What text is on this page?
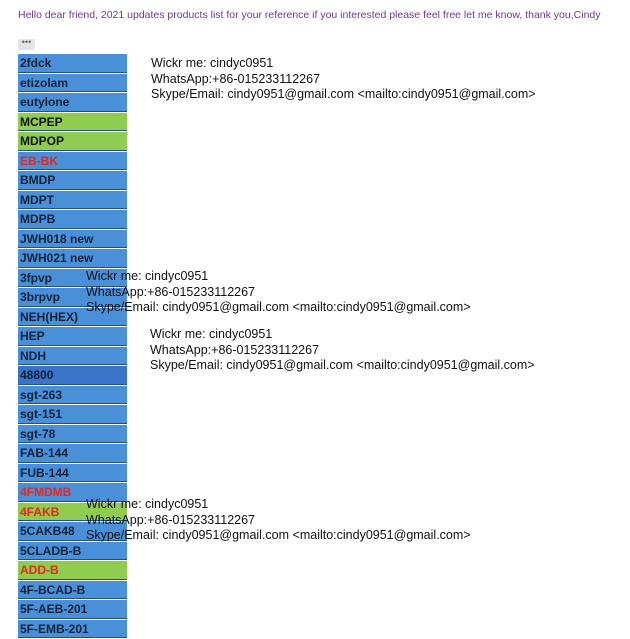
Hello dear friend, 2021 updates products list for your reference if you interested please feel free let me know, thank you,Cindy
•••
2fdck
etizolam
eutylone
MCPEP
MDPOP
EB-BK
BMDP
MDPT
MDPB
JWH018 new
JWH021 new
3fpvp
3brpvp
NEH(HEX)
HEP
NDH
48800
sgt-263
sgt-151
sgt-78
FAB-144
FUB-144
4FMDMB
4FAKB
5CAKB48
5CLADB-B
ADD-B
4F-BCAD-B
5F-AEB-201
5F-EMB-201
Wickr me: cindyc0951
WhatsApp:+86-015233112267
Skype/Email: cindy0951@gmail.com <mailto:cindy0951@gmail.com>
Wickr me: cindyc0951
WhatsApp:+86-015233112267
Skype/Email: cindy0951@gmail.com <mailto:cindy0951@gmail.com>
Wickr me: cindyc0951
WhatsApp:+86-015233112267
Skype/Email: cindy0951@gmail.com <mailto:cindy0951@gmail.com>
Wickr me: cindyc0951
WhatsApp:+86-015233112267
Skype/Email: cindy0951@gmail.com <mailto:cindy0951@gmail.com>
